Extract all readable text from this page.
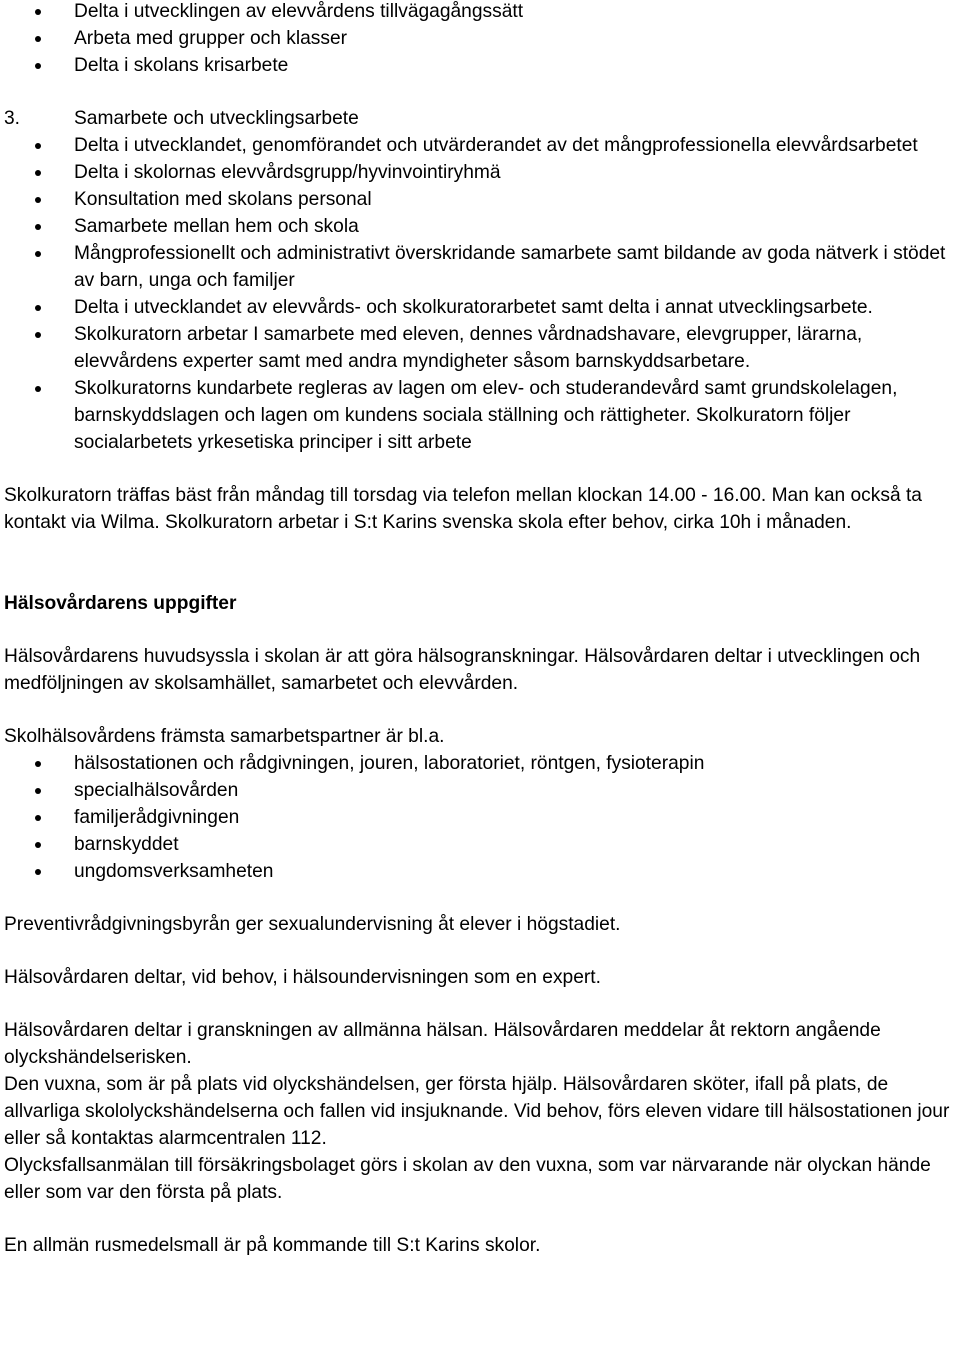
Delta i utvecklingen av elevvårdens tillvägagångssätt
Arbeta med grupper och klasser
Delta i skolans krisarbete

3.	Samarbete och utvecklingsarbete

Delta i utvecklandet, genomförandet och utvärderandet av det mångprofessionella elevvårdsarbetet
Delta i skolornas elevvårdsgrupp/hyvinvointiryhmä
Konsultation med skolans personal
Samarbete mellan hem och skola
Mångprofessionellt och administrativt överskridande samarbete samt bildande av goda nätverk i stödet av barn, unga och familjer
Delta i utvecklandet av elevvårds- och skolkuratorarbetet samt delta i annat utvecklingsarbete.
Skolkuratorn arbetar I samarbete med eleven, dennes vårdnadshavare, elevgrupper, lärarna, elevvårdens experter samt med andra myndigheter såsom barnskyddsarbetare.
Skolkuratorns kundarbete regleras av lagen om elev- och studerandevård samt grundskolelagen, barnskyddslagen och lagen om kundens sociala ställning och rättigheter. Skolkuratorn följer socialarbetets yrkesetiska principer i sitt arbete

Skolkuratorn träffas bäst från måndag till torsdag via telefon mellan klockan 14.00 - 16.00. Man kan också ta kontakt via Wilma. Skolkuratorn arbetar i S:t Karins svenska skola efter behov, cirka 10h i månaden.

Hälsovårdarens uppgifter

Hälsovårdarens huvudsyssla i skolan är att göra hälsogranskningar. Hälsovårdaren deltar i utvecklingen och medföljningen av skolsamhället, samarbetet och elevvården.

Skolhälsovårdens främsta samarbetspartner är bl.a.

hälsostationen och rådgivningen, jouren, laboratoriet, röntgen, fysioterapin
specialhälsovården
familjerådgivningen
barnskyddet
ungdomsverksamheten

Preventivrådgivningsbyrån ger sexualundervisning åt elever i högstadiet.

Hälsovårdaren deltar, vid behov, i hälsoundervisningen som en expert.

Hälsovårdaren deltar i granskningen av allmänna hälsan. Hälsovårdaren meddelar åt rektorn angående olyckshändelserisken.

Den vuxna, som är på plats vid olyckshändelsen, ger första hjälp. Hälsovårdaren sköter, ifall på plats, de allvarliga skololyckshändelserna och fallen vid insjuknande. Vid behov, förs eleven vidare till hälsostationen jour eller så kontaktas alarmcentralen 112.

Olycksfallsanmälan till försäkringsbolaget görs i skolan av den vuxna, som var närvarande när olyckan hände eller som var den första på plats.

En allmän rusmedelsmall är på kommande till S:t Karins skolor.
